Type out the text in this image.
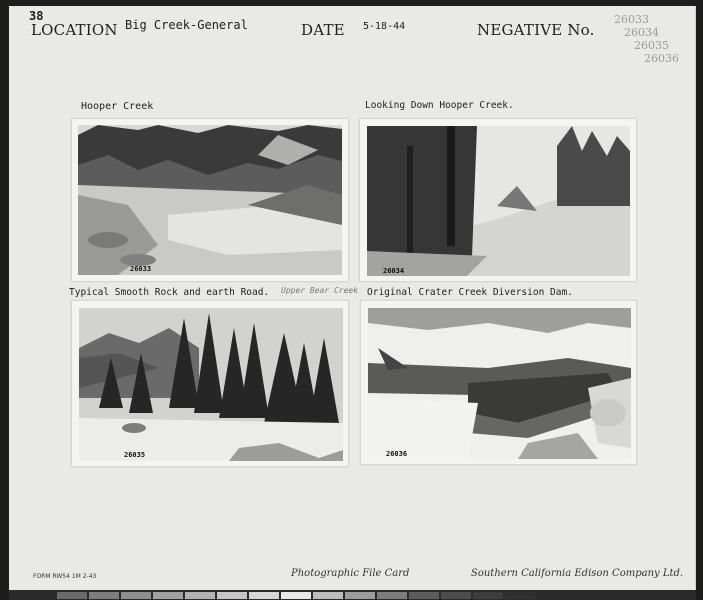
38
LOCATION Big Creek-General	DATE 5-18-44	NEGATIVE No.
26033
26034
26035
26036
Hooper Creek	Looking Down Hooper Creek.
Typical Smooth Rock and earth Road. Upper Bear Creek Original Crater Creek Diversion Dam.
26033	26034
26035	26036
FORM RW54 1M 2-43	Photographic File Card	Southern California Edison Company Ltd.
